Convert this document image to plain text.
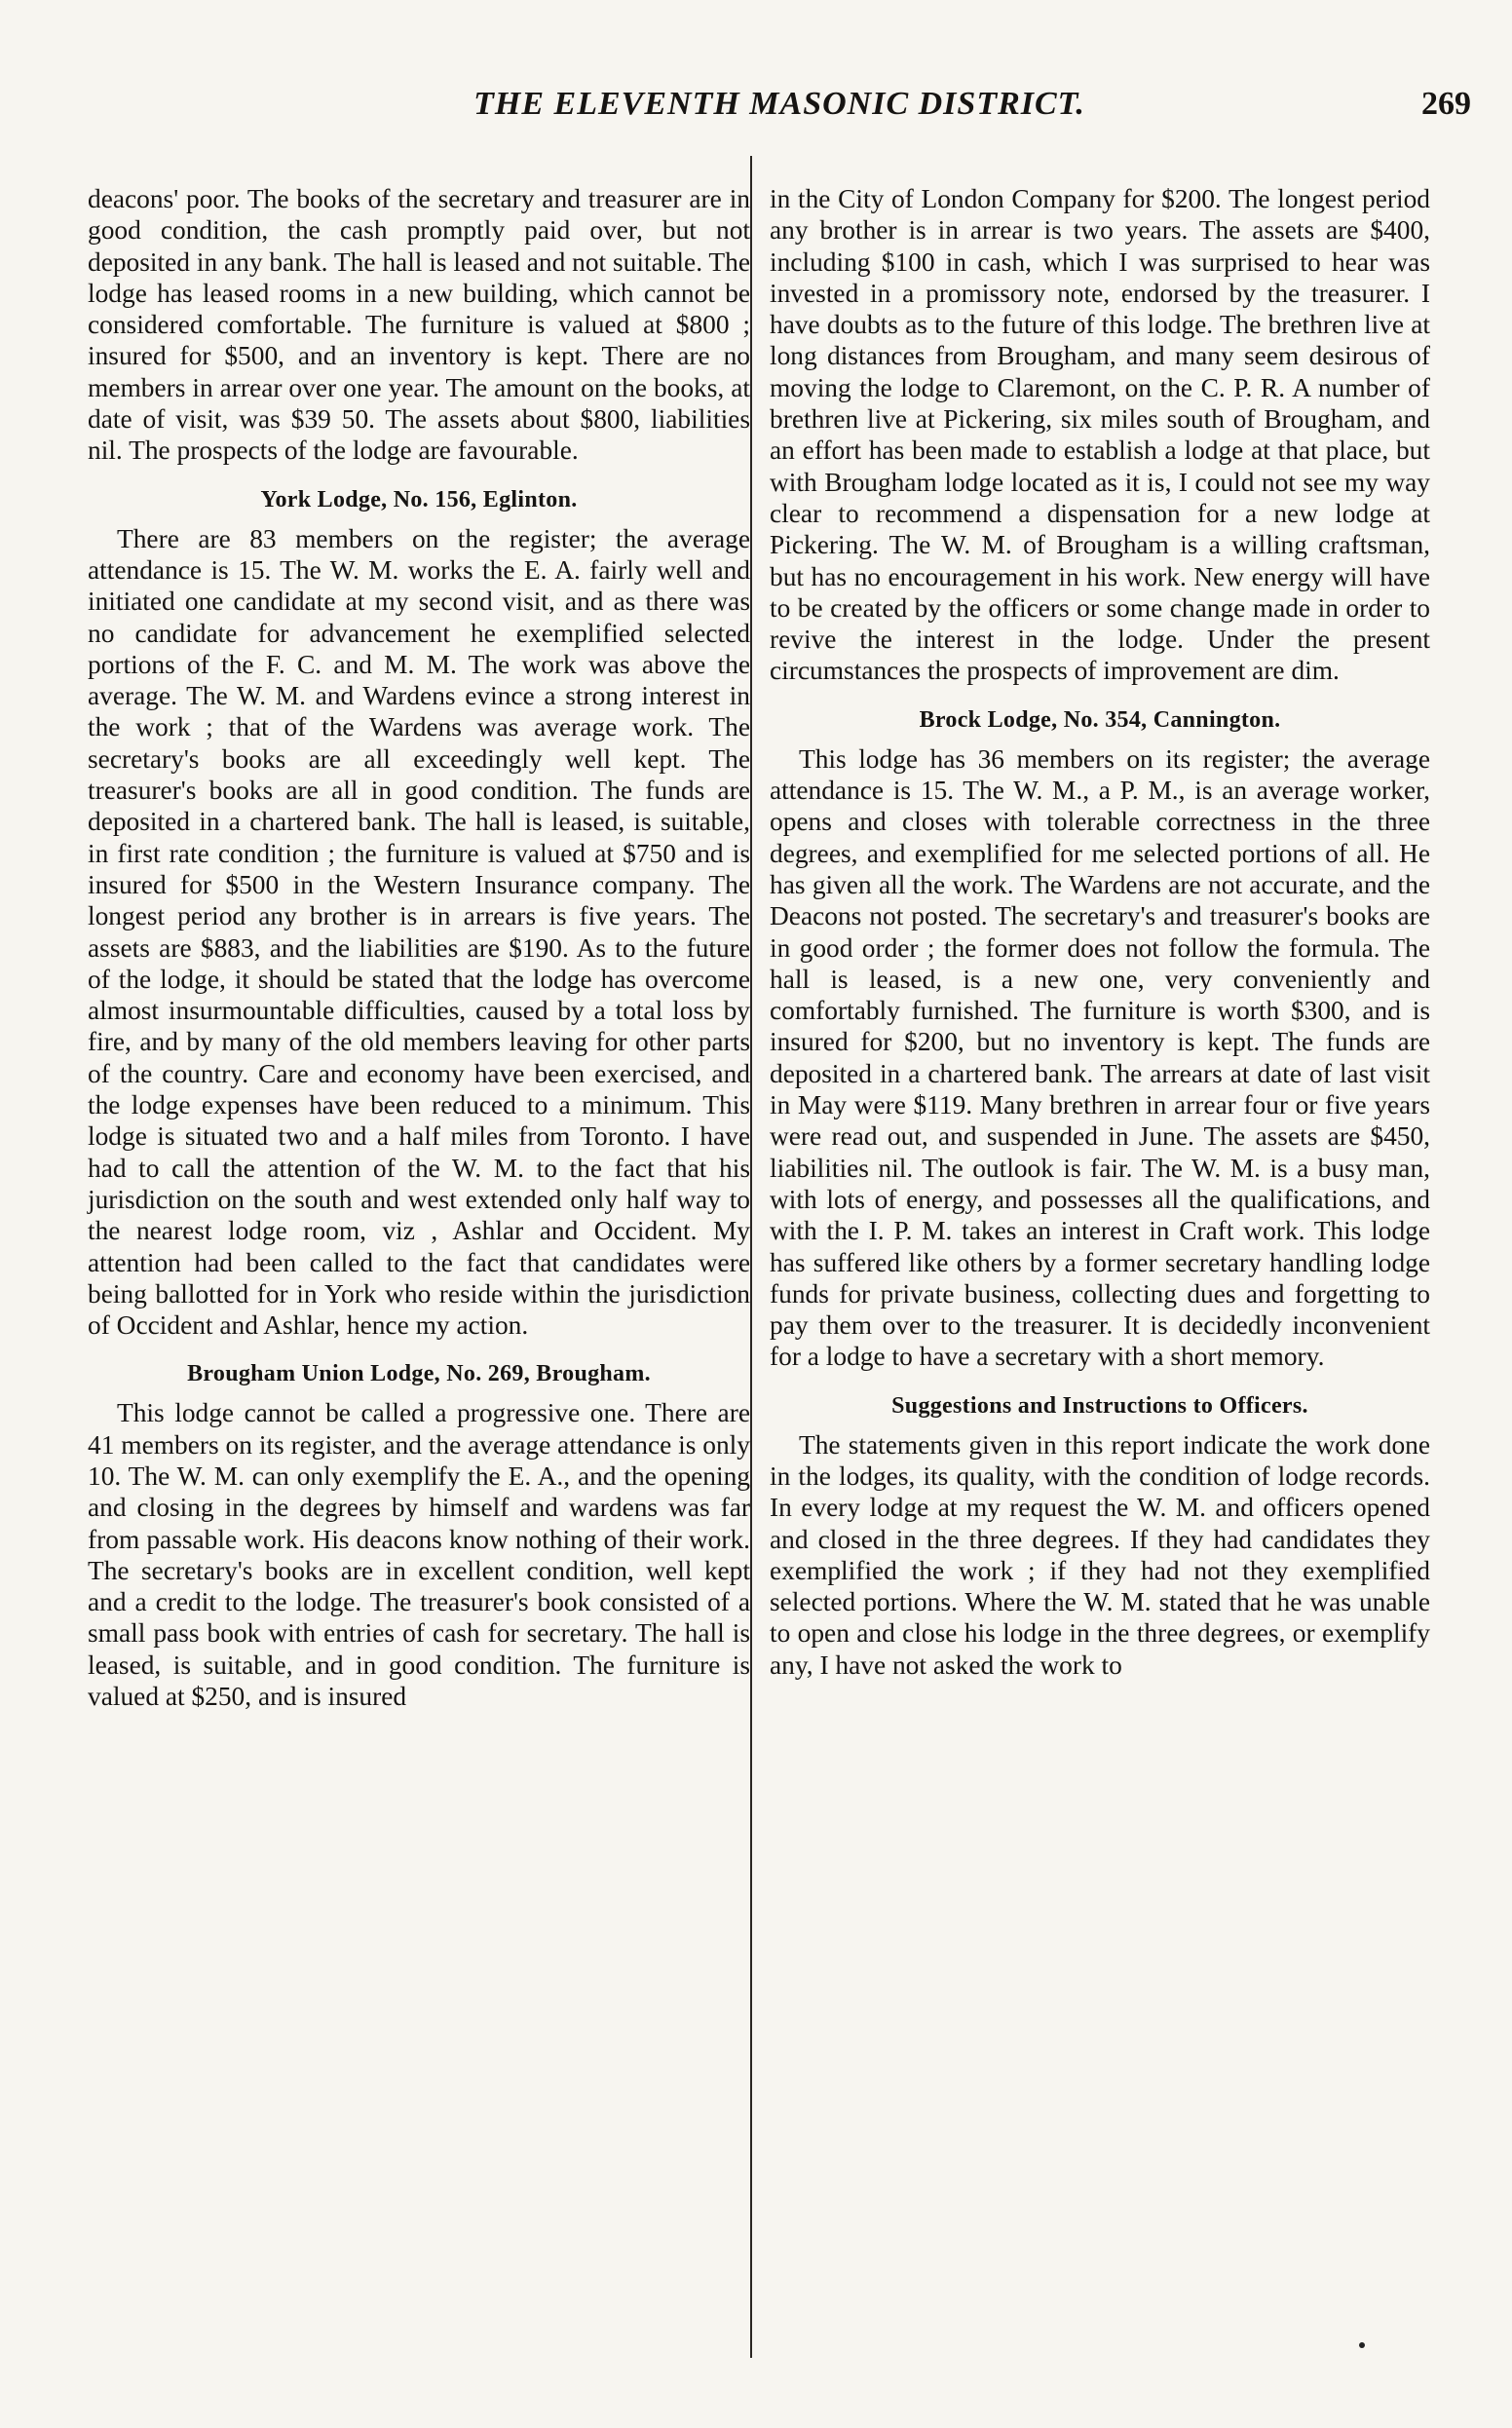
THE ELEVENTH MASONIC DISTRICT.	269

deacons' poor. The books of the secretary and treasurer are in good condition, the cash promptly paid over, but not deposited in any bank. The hall is leased and not suitable. The lodge has leased rooms in a new building, which cannot be considered comfortable. The furniture is valued at $800 ; insured for $500, and an inventory is kept. There are no members in arrear over one year. The amount on the books, at date of visit, was $39 50. The assets about $800, liabilities nil. The prospects of the lodge are favourable.

York Lodge, No. 156, Eglinton.

There are 83 members on the register; the average attendance is 15. The W. M. works the E. A. fairly well and initiated one candidate at my second visit, and as there was no candidate for advancement he exemplified selected portions of the F. C. and M. M. The work was above the average. The W. M. and Wardens evince a strong interest in the work ; that of the Wardens was average work. The secretary's books are all exceedingly well kept. The treasurer's books are all in good condition. The funds are deposited in a chartered bank. The hall is leased, is suitable, in first rate condition ; the furniture is valued at $750 and is insured for $500 in the Western Insurance company. The longest period any brother is in arrears is five years. The assets are $883, and the liabilities are $190. As to the future of the lodge, it should be stated that the lodge has overcome almost insurmountable difficulties, caused by a total loss by fire, and by many of the old members leaving for other parts of the country. Care and economy have been exercised, and the lodge expenses have been reduced to a minimum. This lodge is situated two and a half miles from Toronto. I have had to call the attention of the W. M. to the fact that his jurisdiction on the south and west extended only half way to the nearest lodge room, viz , Ashlar and Occident. My attention had been called to the fact that candidates were being ballotted for in York who reside within the jurisdiction of Occident and Ashlar, hence my action.

Brougham Union Lodge, No. 269, Brougham.

This lodge cannot be called a progressive one. There are 41 members on its register, and the average attendance is only 10. The W. M. can only exemplify the E. A., and the opening and closing in the degrees by himself and wardens was far from passable work. His deacons know nothing of their work. The secretary's books are in excellent condition, well kept and a credit to the lodge. The treasurer's book consisted of a small pass book with entries of cash for secretary. The hall is leased, is suitable, and in good condition. The furniture is valued at $250, and is insured

in the City of London Company for $200. The longest period any brother is in arrear is two years. The assets are $400, including $100 in cash, which I was surprised to hear was invested in a promissory note, endorsed by the treasurer. I have doubts as to the future of this lodge. The brethren live at long distances from Brougham, and many seem desirous of moving the lodge to Claremont, on the C. P. R. A number of brethren live at Pickering, six miles south of Brougham, and an effort has been made to establish a lodge at that place, but with Brougham lodge located as it is, I could not see my way clear to recommend a dispensation for a new lodge at Pickering. The W. M. of Brougham is a willing craftsman, but has no encouragement in his work. New energy will have to be created by the officers or some change made in order to revive the interest in the lodge. Under the present circumstances the prospects of improvement are dim.

Brock Lodge, No. 354, Cannington.

This lodge has 36 members on its register; the average attendance is 15. The W. M., a P. M., is an average worker, opens and closes with tolerable correctness in the three degrees, and exemplified for me selected portions of all. He has given all the work. The Wardens are not accurate, and the Deacons not posted. The secretary's and treasurer's books are in good order ; the former does not follow the formula. The hall is leased, is a new one, very conveniently and comfortably furnished. The furniture is worth $300, and is insured for $200, but no inventory is kept. The funds are deposited in a chartered bank. The arrears at date of last visit in May were $119. Many brethren in arrear four or five years were read out, and suspended in June. The assets are $450, liabilities nil. The outlook is fair. The W. M. is a busy man, with lots of energy, and possesses all the qualifications, and with the I. P. M. takes an interest in Craft work. This lodge has suffered like others by a former secretary handling lodge funds for private business, collecting dues and forgetting to pay them over to the treasurer. It is decidedly inconvenient for a lodge to have a secretary with a short memory.

Suggestions and Instructions to Officers.

The statements given in this report indicate the work done in the lodges, its quality, with the condition of lodge records. In every lodge at my request the W. M. and officers opened and closed in the three degrees. If they had candidates they exemplified the work ; if they had not they exemplified selected portions. Where the W. M. stated that he was unable to open and close his lodge in the three degrees, or exemplify any, I have not asked the work to
